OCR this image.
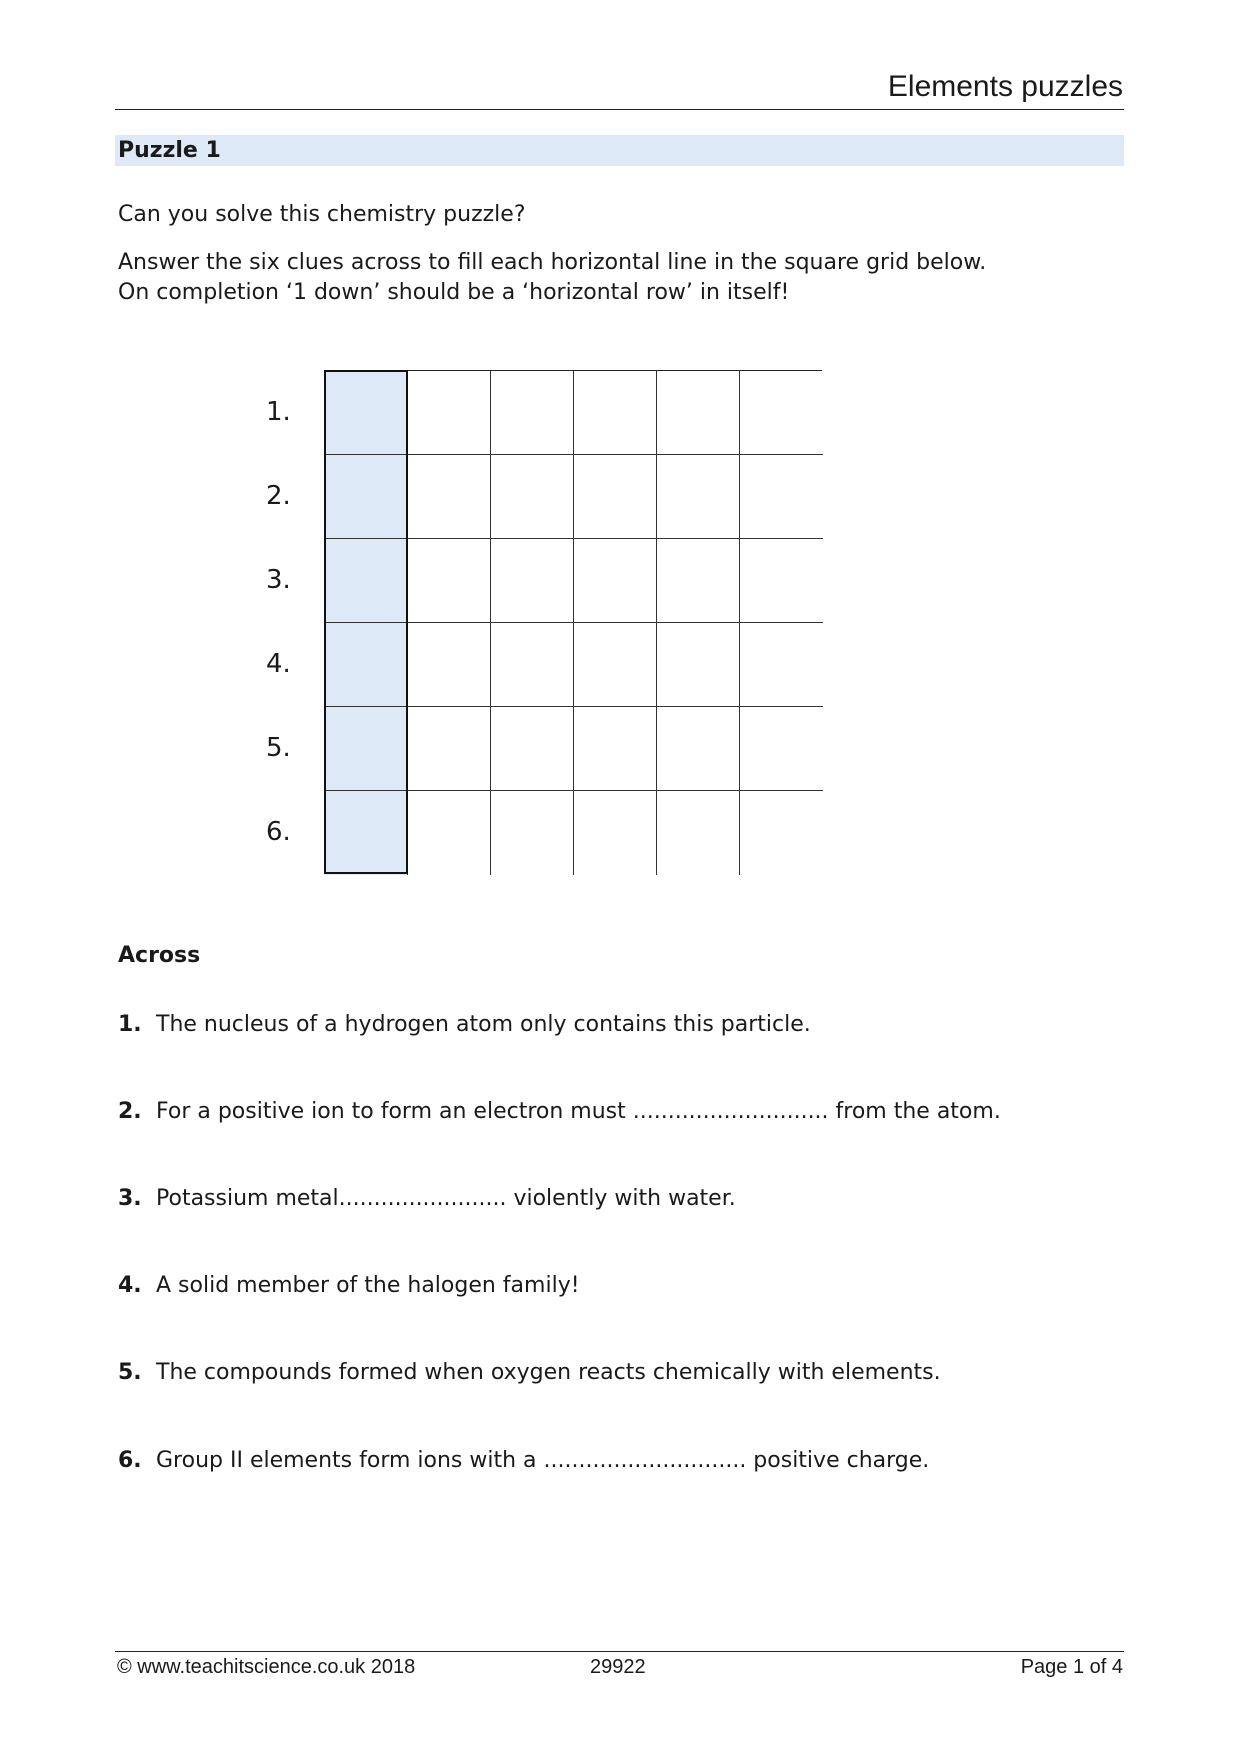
Elements puzzles
Puzzle 1
Can you solve this chemistry puzzle?
Answer the six clues across to fill each horizontal line in the square grid below.
On completion ‘1 down’ should be a ‘horizontal row’ in itself!
1.
2.
3.
4.
5.
6.
Across
1. The nucleus of a hydrogen atom only contains this particle.
2. For a positive ion to form an electron must ............................ from the atom.
3. Potassium metal........................ violently with water.
4. A solid member of the halogen family!
5. The compounds formed when oxygen reacts chemically with elements.
6. Group II elements form ions with a ............................. positive charge.
© www.teachitscience.co.uk 2018	29922	Page 1 of 4
